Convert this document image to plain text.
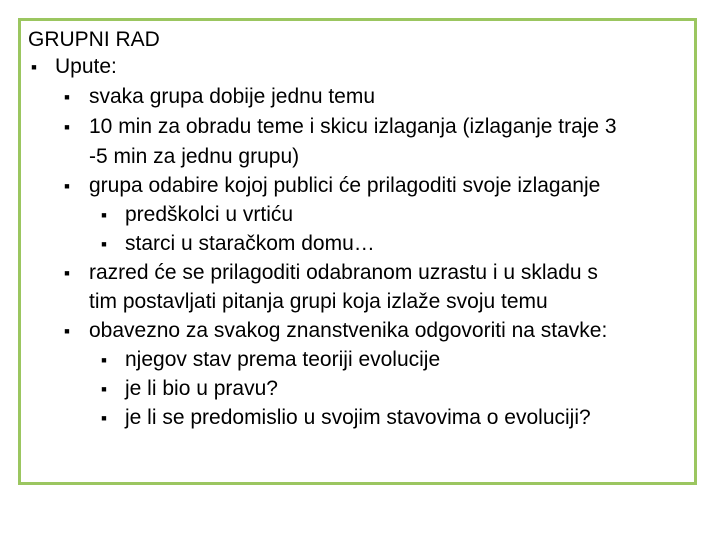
GRUPNI RAD
■
Upute:
■
svaka grupa dobije jednu temu
■
10 min za obradu teme i skicu izlaganja (izlaganje traje 3
-5 min za jednu grupu)
■
grupa odabire kojoj publici će prilagoditi svoje izlaganje
■
predškolci u vrtiću
■
starci u staračkom domu…
■
razred će se prilagoditi odabranom uzrastu i u skladu s
tim postavljati pitanja grupi koja izlaže svoju temu
■
obavezno za svakog znanstvenika odgovoriti na stavke:
■
njegov stav prema teoriji evolucije
■
je li bio u pravu?
■
je li se predomislio u svojim stavovima o evoluciji?
